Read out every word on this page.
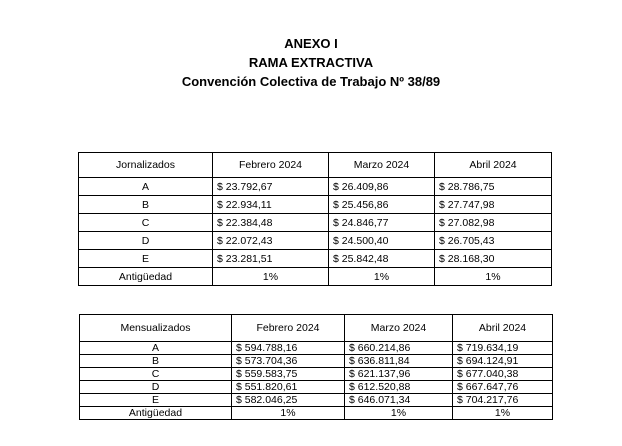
ANEXO I
RAMA EXTRACTIVA
Convención Colectiva de Trabajo Nº 38/89
Jornalizados	Febrero 2024	Marzo 2024	Abril 2024
A	$ 23.792,67	$ 26.409,86	$ 28.786,75
B	$ 22.934,11	$ 25.456,86	$ 27.747,98
C	$ 22.384,48	$ 24.846,77	$ 27.082,98
D	$ 22.072,43	$ 24.500,40	$ 26.705,43
E	$ 23.281,51	$ 25.842,48	$ 28.168,30
Antigüedad	1%	1%	1%
Mensualizados	Febrero 2024	Marzo 2024	Abril 2024
A	$ 594.788,16	$ 660.214,86	$ 719.634,19
B	$ 573.704,36	$ 636.811,84	$ 694.124,91
C	$ 559.583,75	$ 621.137,96	$ 677.040,38
D	$ 551.820,61	$ 612.520,88	$ 667.647,76
E	$ 582.046,25	$ 646.071,34	$ 704.217,76
Antigüedad	1%	1%	1%
